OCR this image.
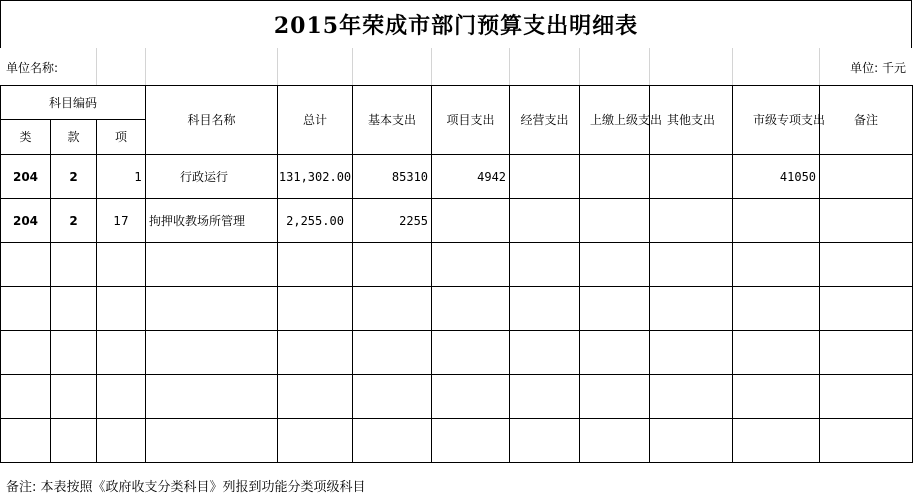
2015年荣成市部门预算支出明细表
单位名称:	单位: 千元
科目编码			科目名称	总计	基本支出	项目支出	经营支出	上缴上级支出	其他支出	市级专项支出	备注
类	款	项									
204	2	1	行政运行	131,302.00	85310	4942				41050	
204	2	17	拘押收教场所管理	2,255.00	2255						

备注: 本表按照《政府收支分类科目》列报到功能分类项级科目
